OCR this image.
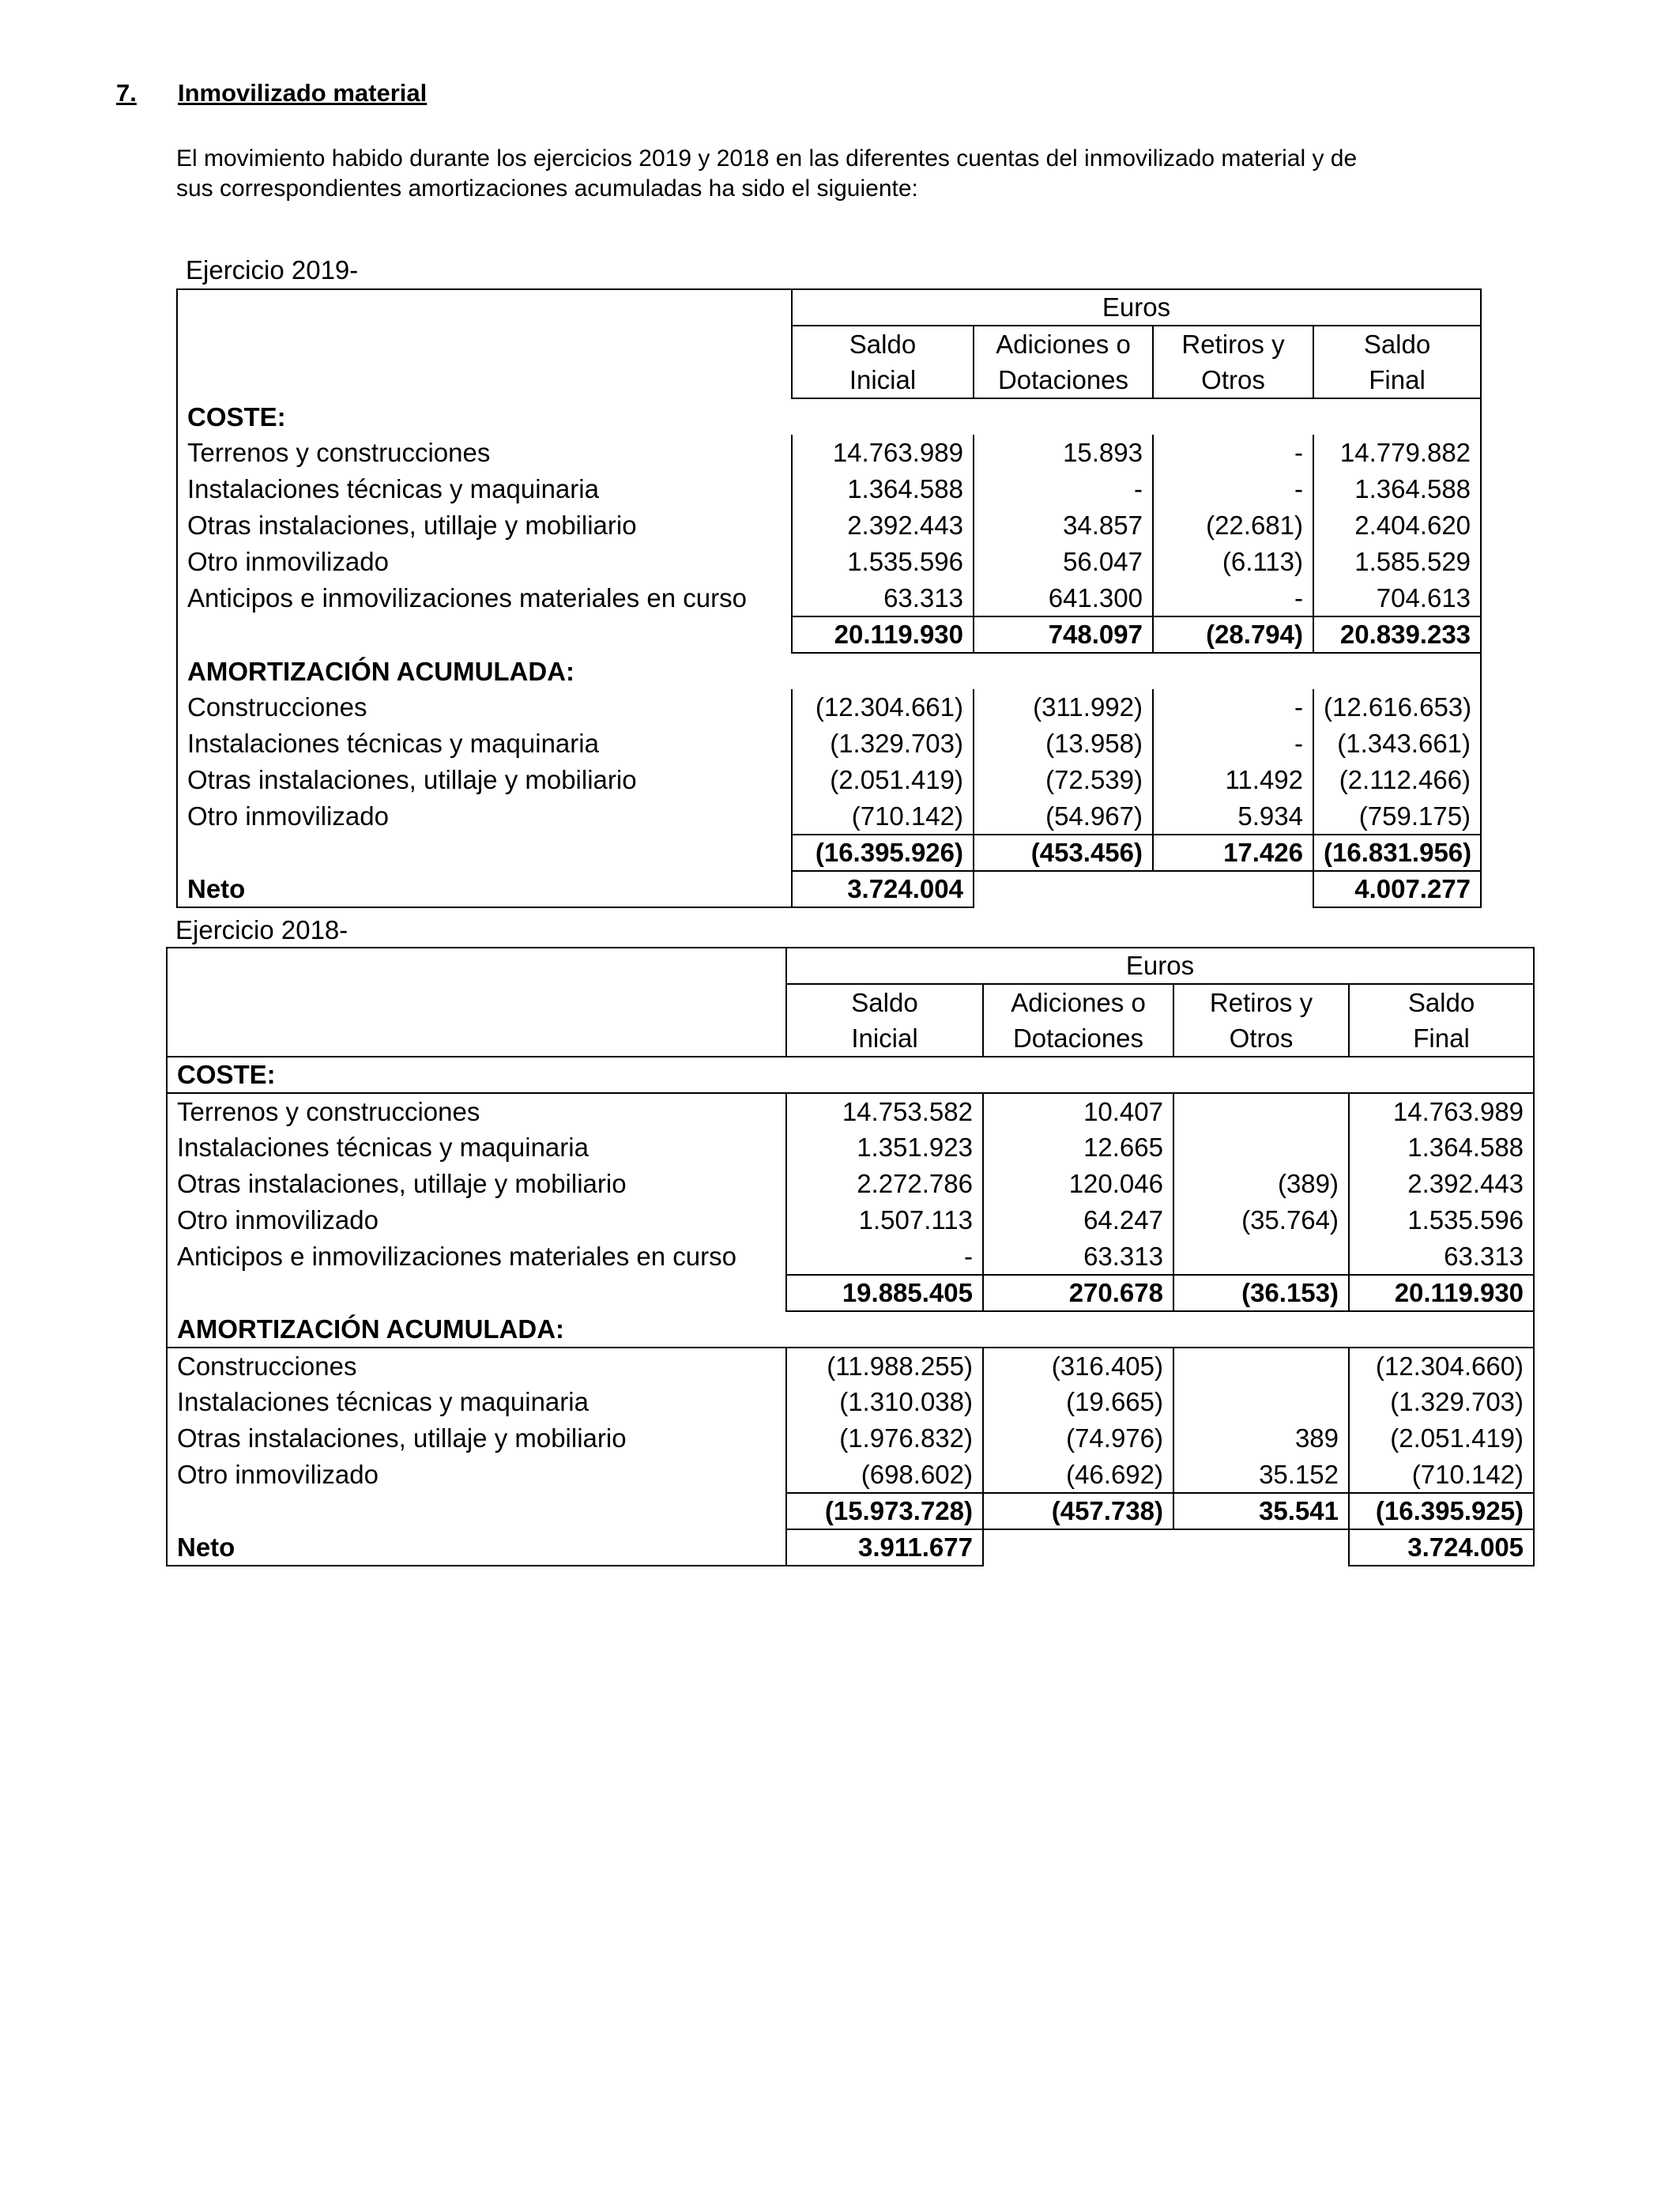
7. Inmovilizado material

El movimiento habido durante los ejercicios 2019 y 2018 en las diferentes cuentas del inmovilizado material y de

sus correspondientes amortizaciones acumuladas ha sido el siguiente:

Ejercicio 2019-
	Euros			
	Saldo	Adiciones o	Retiros y	Saldo
	Inicial	Dotaciones	Otros	Final
COSTE:				
Terrenos y construcciones	14.763.989	15.893	-	14.779.882
Instalaciones técnicas y maquinaria	1.364.588	-	-	1.364.588
Otras instalaciones, utillaje y mobiliario	2.392.443	34.857	(22.681)	2.404.620
Otro inmovilizado	1.535.596	56.047	(6.113)	1.585.529
Anticipos e inmovilizaciones materiales en curso	63.313	641.300	-	704.613
	20.119.930	748.097	(28.794)	20.839.233
AMORTIZACIÓN ACUMULADA:				
Construcciones	(12.304.661)	(311.992)	-	(12.616.653)
Instalaciones técnicas y maquinaria	(1.329.703)	(13.958)	-	(1.343.661)
Otras instalaciones, utillaje y mobiliario	(2.051.419)	(72.539)	11.492	(2.112.466)
Otro inmovilizado	(710.142)	(54.967)	5.934	(759.175)
	(16.395.926)	(453.456)	17.426	(16.831.956)
Neto	3.724.004			4.007.277
Ejercicio 2018-
	Euros			
	Saldo	Adiciones o	Retiros y	Saldo
	Inicial	Dotaciones	Otros	Final
COSTE:				
Terrenos y construcciones	14.753.582	10.407		14.763.989
Instalaciones técnicas y maquinaria	1.351.923	12.665		1.364.588
Otras instalaciones, utillaje y mobiliario	2.272.786	120.046	(389)	2.392.443
Otro inmovilizado	1.507.113	64.247	(35.764)	1.535.596
Anticipos e inmovilizaciones materiales en curso	-	63.313		63.313
	19.885.405	270.678	(36.153)	20.119.930
AMORTIZACIÓN ACUMULADA:				
Construcciones	(11.988.255)	(316.405)		(12.304.660)
Instalaciones técnicas y maquinaria	(1.310.038)	(19.665)		(1.329.703)
Otras instalaciones, utillaje y mobiliario	(1.976.832)	(74.976)	389	(2.051.419)
Otro inmovilizado	(698.602)	(46.692)	35.152	(710.142)
	(15.973.728)	(457.738)	35.541	(16.395.925)
Neto	3.911.677			3.724.005
